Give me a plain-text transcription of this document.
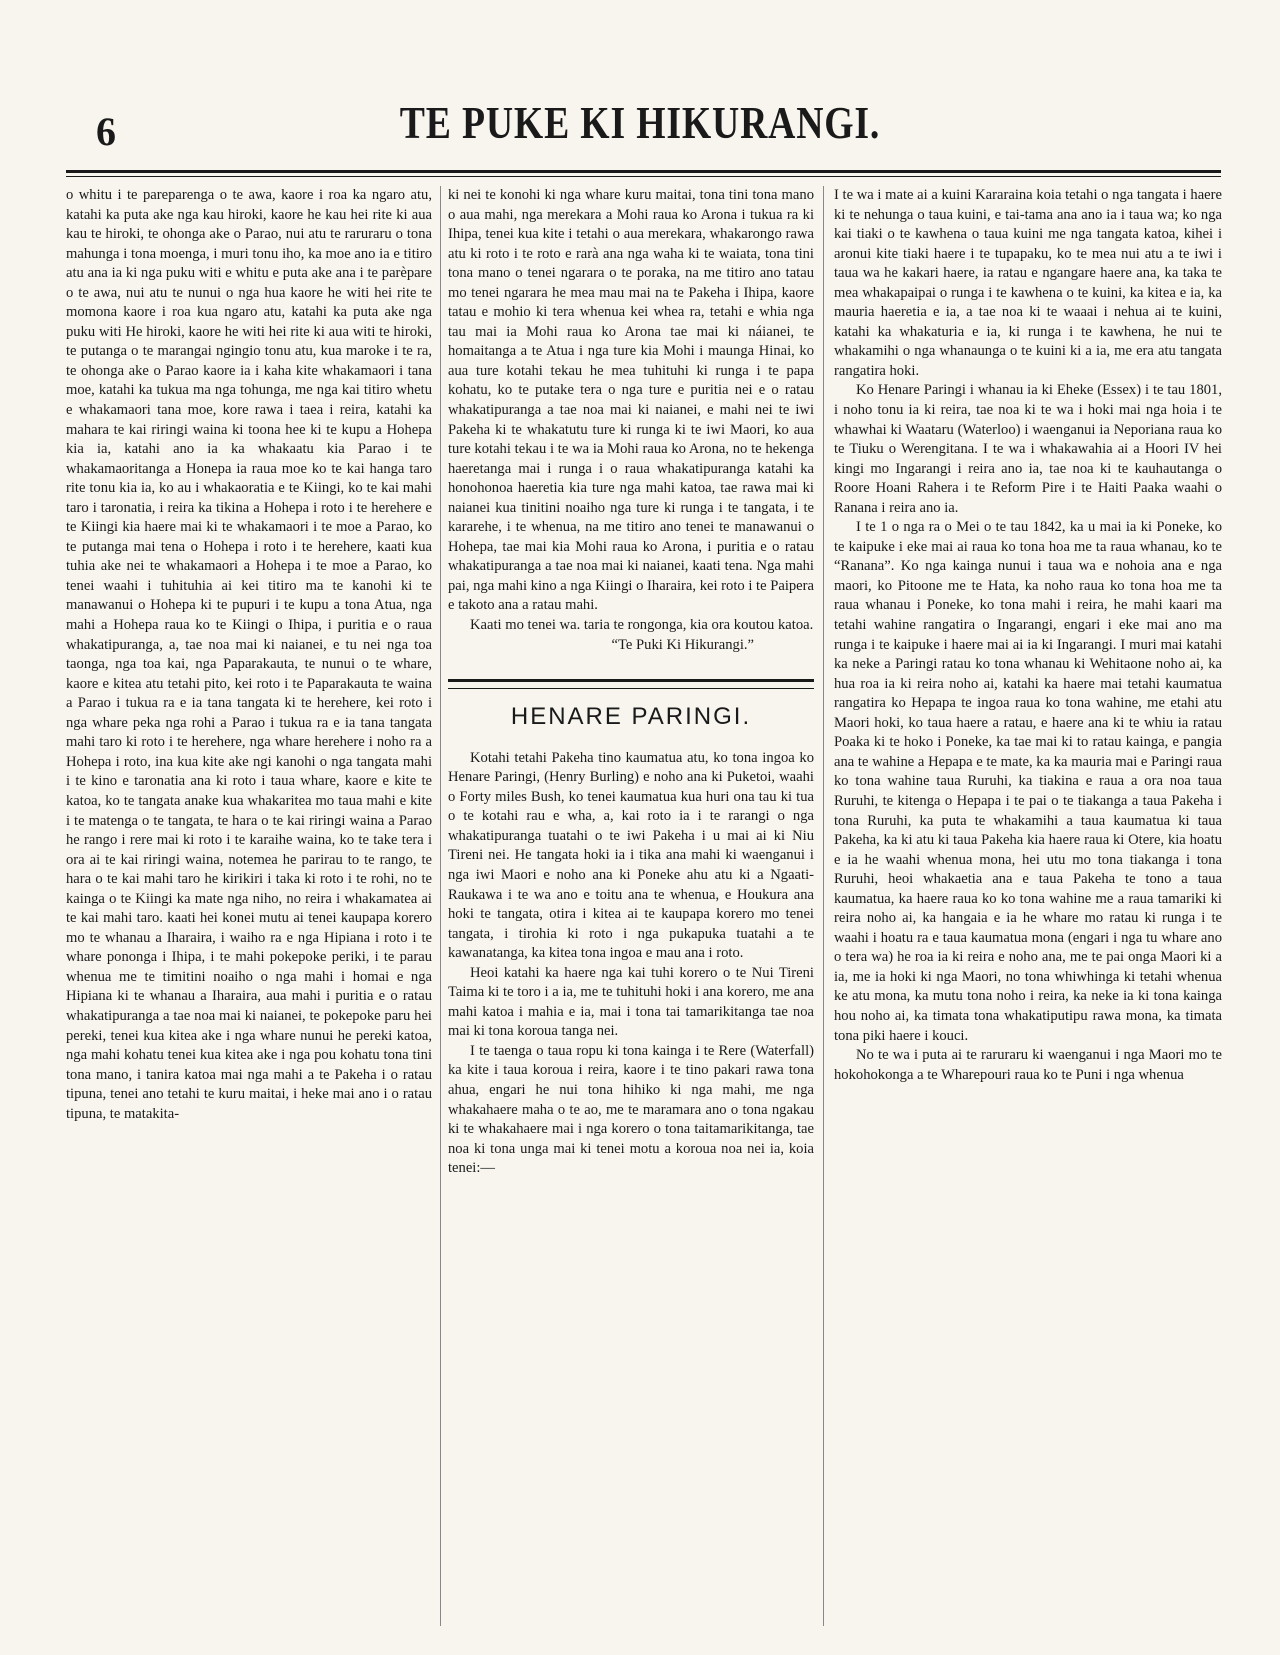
6	TE PUKE KI HIKURANGI.

o whitu i te pareparenga o te awa, kaore i roa ka ngaro atu, katahi ka puta ake nga kau hiroki, kaore he kau hei rite ki aua kau te hiroki, te ohonga ake o Parao, nui atu te raruraru o tona mahunga i tona moenga, i muri tonu iho, ka moe ano ia e titiro atu ana ia ki nga puku witi e whitu e puta ake ana i te parèpare o te awa, nui atu te nunui o nga hua kaore he witi hei rite te momona kaore i roa kua ngaro atu, katahi ka puta ake nga puku witi He hiroki, kaore he witi hei rite ki aua witi te hiroki, te putanga o te marangai ngingio tonu atu, kua maroke i te ra, te ohonga ake o Parao kaore ia i kaha kite whakamaori i tana moe, katahi ka tukua ma nga tohunga, me nga kai titiro whetu e whakamaori tana moe, kore rawa i taea i reira, katahi ka mahara te kai riringi waina ki toona hee ki te kupu a Hohepa kia ia, katahi ano ia ka whakaatu kia Parao i te whakamaoritanga a Honepa ia raua moe ko te kai hanga taro rite tonu kia ia, ko au i whakaoratia e te Kiingi, ko te kai mahi taro i taronatia, i reira ka tikina a Hohepa i roto i te herehere e te Kiingi kia haere mai ki te whakamaori i te moe a Parao, ko te putanga mai tena o Hohepa i roto i te herehere, kaati kua tuhia ake nei te whakamaori a Hohepa i te moe a Parao, ko tenei waahi i tuhituhia ai kei titiro ma te kanohi ki te manawanui o Hohepa ki te pupuri i te kupu a tona Atua, nga mahi a Hohepa raua ko te Kiingi o Ihipa, i puritia e o raua whakatipuranga, a, tae noa mai ki naianei, e tu nei nga toa taonga, nga toa kai, nga Paparakauta, te nunui o te whare, kaore e kitea atu tetahi pito, kei roto i te Paparakauta te waina a Parao i tukua ra e ia tana tangata ki te herehere, kei roto i nga whare peka nga rohi a Parao i tukua ra e ia tana tangata mahi taro ki roto i te herehere, nga whare herehere i noho ra a Hohepa i roto, ina kua kite ake ngi kanohi o nga tangata mahi i te kino e taronatia ana ki roto i taua whare, kaore e kite te katoa, ko te tangata anake kua whakaritea mo taua mahi e kite i te matenga o te tangata, te hara o te kai riringi waina a Parao he rango i rere mai ki roto i te karaihe waina, ko te take tera i ora ai te kai riringi waina, notemea he parirau to te rango, te hara o te kai mahi taro he kirikiri i taka ki roto i te rohi, no te kainga o te Kiingi ka mate nga niho, no reira i whakamatea ai te kai mahi taro. kaati hei konei mutu ai tenei kaupapa korero mo te whanau a Iharaira, i waiho ra e nga Hipiana i roto i te whare pononga i Ihipa, i te mahi pokepoke periki, i te parau whenua me te timitini noaiho o nga mahi i homai e nga Hipiana ki te whanau a Iharaira, aua mahi i puritia e o ratau whakatipuranga a tae noa mai ki naianei, te pokepoke paru hei pereki, tenei kua kitea ake i nga whare nunui he pereki katoa, nga mahi kohatu tenei kua kitea ake i nga pou kohatu tona tini tona mano, i tanira katoa mai nga mahi a te Pakeha i o ratau tipuna, tenei ano tetahi te kuru maitai, i heke mai ano i o ratau tipuna, te matakita-

ki nei te konohi ki nga whare kuru maitai, tona tini tona mano o aua mahi, nga merekara a Mohi raua ko Arona i tukua ra ki Ihipa, tenei kua kite i tetahi o aua merekara, whakarongo rawa atu ki roto i te roto e rarà ana nga waha ki te waiata, tona tini tona mano o tenei ngarara o te poraka, na me titiro ano tatau mo tenei ngarara he mea mau mai na te Pakeha i Ihipa, kaore tatau e mohio ki tera whenua kei whea ra, tetahi e whia nga tau mai ia Mohi raua ko Arona tae mai ki náianei, te homaitanga a te Atua i nga ture kia Mohi i maunga Hinai, ko aua ture kotahi tekau he mea tuhituhi ki runga i te papa kohatu, ko te putake tera o nga ture e puritia nei e o ratau whakatipuranga a tae noa mai ki naianei, e mahi nei te iwi Pakeha ki te whakatutu ture ki runga ki te iwi Maori, ko aua ture kotahi tekau i te wa ia Mohi raua ko Arona, no te hekenga haeretanga mai i runga i o raua whakatipuranga katahi ka honohonoa haeretia kia ture nga mahi katoa, tae rawa mai ki naianei kua tinitini noaiho nga ture ki runga i te tangata, i te kararehe, i te whenua, na me titiro ano tenei te manawanui o Hohepa, tae mai kia Mohi raua ko Arona, i puritia e o ratau whakatipuranga a tae noa mai ki naianei, kaati tena. Nga mahi pai, nga mahi kino a nga Kiingi o Iharaira, kei roto i te Paipera e takoto ana a ratau mahi.

Kaati mo tenei wa. taria te rongonga, kia ora koutou katoa.

“Te Puki Ki Hikurangi.”

HENARE PARINGI.

Kotahi tetahi Pakeha tino kaumatua atu, ko tona ingoa ko Henare Paringi, (Henry Burling) e noho ana ki Puketoi, waahi o Forty miles Bush, ko tenei kaumatua kua huri ona tau ki tua o te kotahi rau e wha, a, kai roto ia i te rarangi o nga whakatipuranga tuatahi o te iwi Pakeha i u mai ai ki Niu Tireni nei. He tangata hoki ia i tika ana mahi ki waenganui i nga iwi Maori e noho ana ki Poneke ahu atu ki a Ngaati-Raukawa i te wa ano e toitu ana te whenua, e Houkura ana hoki te tangata, otira i kitea ai te kaupapa korero mo tenei tangata, i tirohia ki roto i nga pukapuka tuatahi a te kawanatanga, ka kitea tona ingoa e mau ana i roto.

Heoi katahi ka haere nga kai tuhi korero o te Nui Tireni Taima ki te toro i a ia, me te tuhituhi hoki i ana korero, me ana mahi katoa i mahia e ia, mai i tona tai tamarikitanga tae noa mai ki tona koroua tanga nei.

I te taenga o taua ropu ki tona kainga i te Rere (Waterfall) ka kite i taua koroua i reira, kaore i te tino pakari rawa tona ahua, engari he nui tona hihiko ki nga mahi, me nga whakahaere maha o te ao, me te maramara ano o tona ngakau ki te whakahaere mai i nga korero o tona taitamarikitanga, tae noa ki tona unga mai ki tenei motu a koroua noa nei ia, koia tenei:—

I te wa i mate ai a kuini Kararaina koia tetahi o nga tangata i haere ki te nehunga o taua kuini, e tai-tama ana ano ia i taua wa; ko nga kai tiaki o te kawhena o taua kuini me nga tangata katoa, kihei i aronui kite tiaki haere i te tupapaku, ko te mea nui atu a te iwi i taua wa he kakari haere, ia ratau e ngangare haere ana, ka taka te mea whakapaipai o runga i te kawhena o te kuini, ka kitea e ia, ka mauria haeretia e ia, a tae noa ki te waaai i nehua ai te kuini, katahi ka whakaturia e ia, ki runga i te kawhena, he nui te whakamihi o nga whanaunga o te kuini ki a ia, me era atu tangata rangatira hoki.

Ko Henare Paringi i whanau ia ki Eheke (Essex) i te tau 1801, i noho tonu ia ki reira, tae noa ki te wa i hoki mai nga hoia i te whawhai ki Waataru (Waterloo) i waenganui ia Neporiana raua ko te Tiuku o Werengitana. I te wa i whakawahia ai a Hoori IV hei kingi mo Ingarangi i reira ano ia, tae noa ki te kauhautanga o Roore Hoani Rahera i te Reform Pire i te Haiti Paaka waahi o Ranana i reira ano ia.

I te 1 o nga ra o Mei o te tau 1842, ka u mai ia ki Poneke, ko te kaipuke i eke mai ai raua ko tona hoa me ta raua whanau, ko te “Ranana”. Ko nga kainga nunui i taua wa e nohoia ana e nga maori, ko Pitoone me te Hata, ka noho raua ko tona hoa me ta raua whanau i Poneke, ko tona mahi i reira, he mahi kaari ma tetahi wahine rangatira o Ingarangi, engari i eke mai ano ma runga i te kaipuke i haere mai ai ia ki Ingarangi. I muri mai katahi ka neke a Paringi ratau ko tona whanau ki Wehitaone noho ai, ka hua roa ia ki reira noho ai, katahi ka haere mai tetahi kaumatua rangatira ko Hepapa te ingoa raua ko tona wahine, me etahi atu Maori hoki, ko taua haere a ratau, e haere ana ki te whiu ia ratau Poaka ki te hoko i Poneke, ka tae mai ki to ratau kainga, e pangia ana te wahine a Hepapa e te mate, ka ka mauria mai e Paringi raua ko tona wahine taua Ruruhi, ka tiakina e raua a ora noa taua Ruruhi, te kitenga o Hepapa i te pai o te tiakanga a taua Pakeha i tona Ruruhi, ka puta te whakamihi a taua kaumatua ki taua Pakeha, ka ki atu ki taua Pakeha kia haere raua ki Otere, kia hoatu e ia he waahi whenua mona, hei utu mo tona tiakanga i tona Ruruhi, heoi whakaetia ana e taua Pakeha te tono a taua kaumatua, ka haere raua ko ko tona wahine me a raua tamariki ki reira noho ai, ka hangaia e ia he whare mo ratau ki runga i te waahi i hoatu ra e taua kaumatua mona (engari i nga tu whare ano o tera wa) he roa ia ki reira e noho ana, me te pai onga Maori ki a ia, me ia hoki ki nga Maori, no tona whiwhinga ki tetahi whenua ke atu mona, ka mutu tona noho i reira, ka neke ia ki tona kainga hou noho ai, ka timata tona whakatiputipu rawa mona, ka timata tona piki haere i kouci.

No te wa i puta ai te raruraru ki waenganui i nga Maori mo te hokohokonga a te Wharepouri raua ko te Puni i nga whenua
